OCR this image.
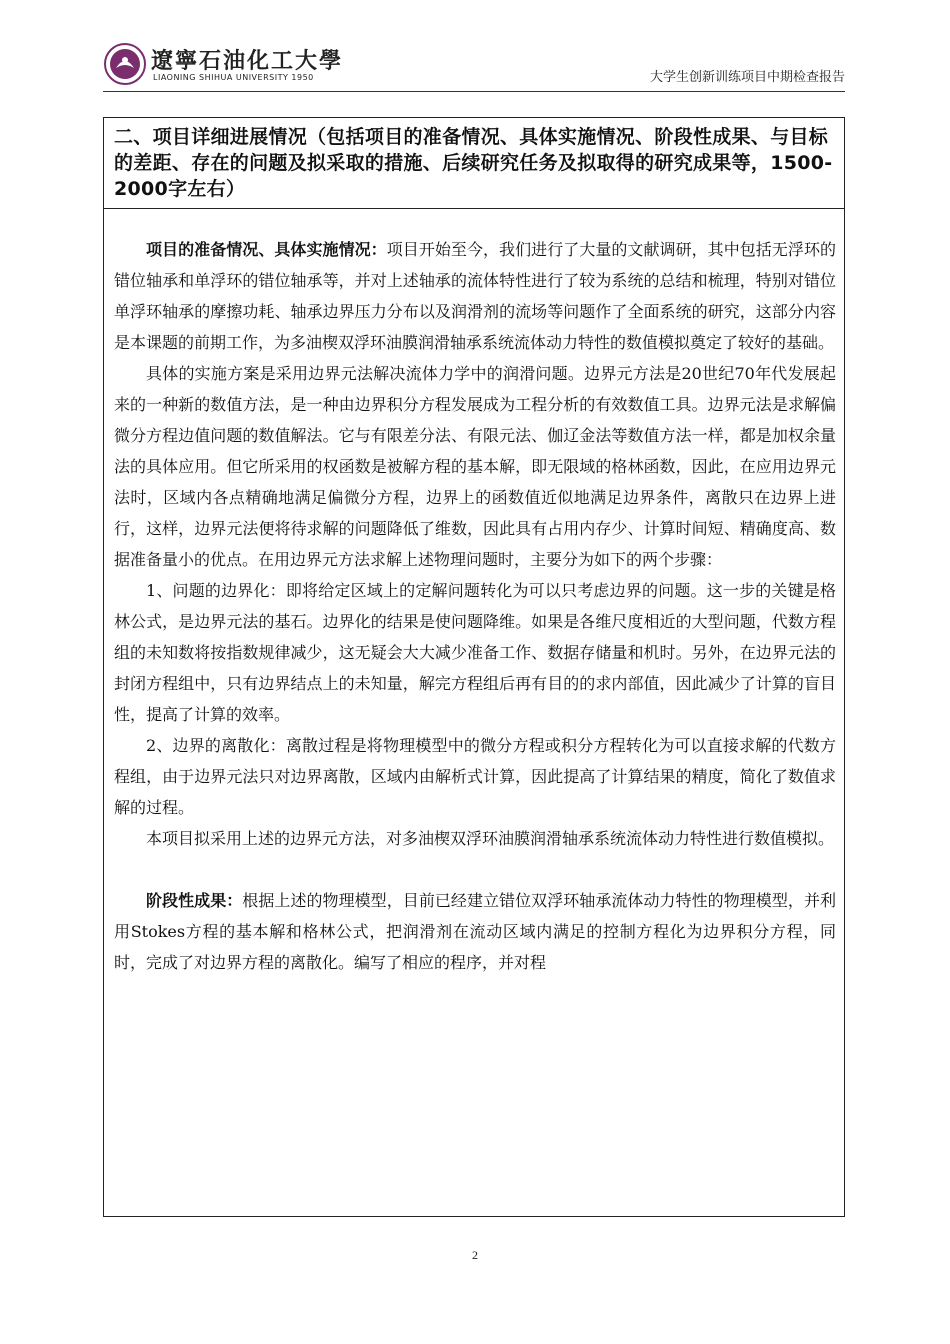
遼寧石油化工大學
LIAONING SHIHUA UNIVERSITY 1950	大学生创新训练项目中期检查报告
二、项目详细进展情况（包括项目的准备情况、具体实施情况、阶段性成果、与目标的差距、存在的问题及拟采取的措施、后续研究任务及拟取得的研究成果等，1500-2000字左右）

项目的准备情况、具体实施情况：项目开始至今，我们进行了大量的文献调研，其中包括无浮环的错位轴承和单浮环的错位轴承等，并对上述轴承的流体特性进行了较为系统的总结和梳理，特别对错位单浮环轴承的摩擦功耗、轴承边界压力分布以及润滑剂的流场等问题作了全面系统的研究，这部分内容是本课题的前期工作，为多油楔双浮环油膜润滑轴承系统流体动力特性的数值模拟奠定了较好的基础。

具体的实施方案是采用边界元法解决流体力学中的润滑问题。边界元方法是20世纪70年代发展起来的一种新的数值方法，是一种由边界积分方程发展成为工程分析的有效数值工具。边界元法是求解偏微分方程边值问题的数值解法。它与有限差分法、有限元法、伽辽金法等数值方法一样，都是加权余量法的具体应用。但它所采用的权函数是被解方程的基本解，即无限域的格林函数，因此，在应用边界元法时，区域内各点精确地满足偏微分方程，边界上的函数值近似地满足边界条件，离散只在边界上进行，这样，边界元法便将待求解的问题降低了维数，因此具有占用内存少、计算时间短、精确度高、数据准备量小的优点。在用边界元方法求解上述物理问题时，主要分为如下的两个步骤：

1、问题的边界化：即将给定区域上的定解问题转化为可以只考虑边界的问题。这一步的关键是格林公式，是边界元法的基石。边界化的结果是使问题降维。如果是各维尺度相近的大型问题，代数方程组的未知数将按指数规律减少，这无疑会大大减少准备工作、数据存储量和机时。另外，在边界元法的封闭方程组中，只有边界结点上的未知量，解完方程组后再有目的的求内部值，因此减少了计算的盲目性，提高了计算的效率。

2、边界的离散化：离散过程是将物理模型中的微分方程或积分方程转化为可以直接求解的代数方程组，由于边界元法只对边界离散，区域内由解析式计算，因此提高了计算结果的精度，简化了数值求解的过程。

本项目拟采用上述的边界元方法，对多油楔双浮环油膜润滑轴承系统流体动力特性进行数值模拟。

阶段性成果：根据上述的物理模型，目前已经建立错位双浮环轴承流体动力特性的物理模型，并利用Stokes方程的基本解和格林公式，把润滑剂在流动区域内满足的控制方程化为边界积分方程，同时，完成了对边界方程的离散化。编写了相应的程序，并对程

2
